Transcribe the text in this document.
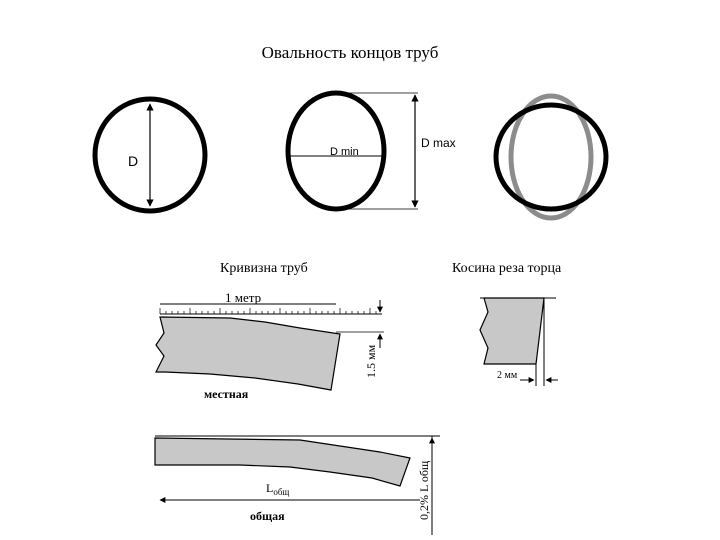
Овальность концов труб
D
D min
D max
Кривизна труб
1 метр
1.5 мм
местная
0,2% L общ
$L_{общ}$
общая
Косина реза торца
2 мм
